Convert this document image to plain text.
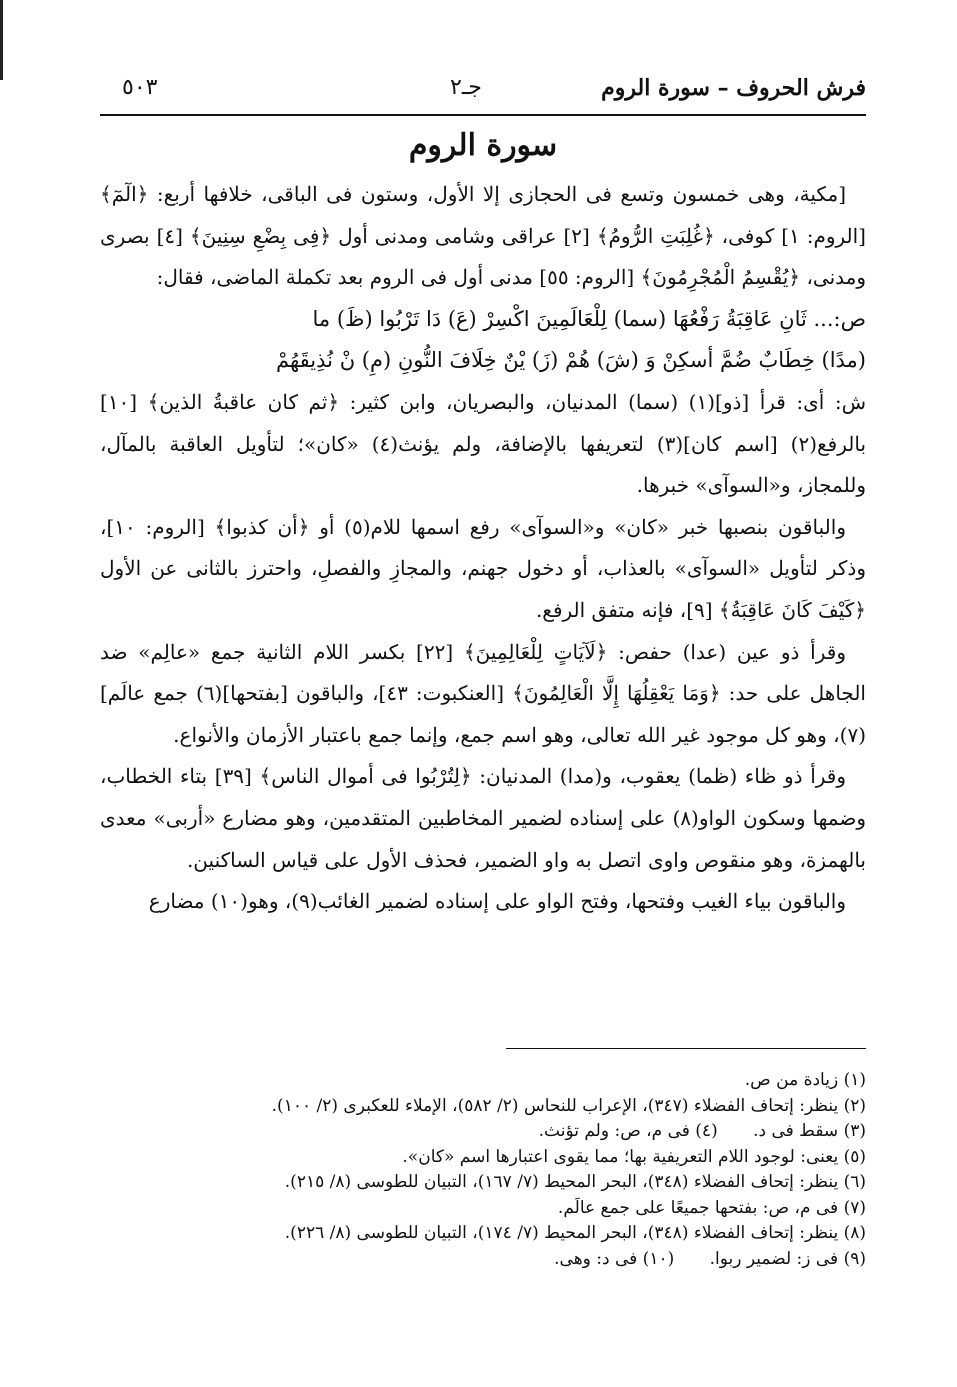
فرش الحروف – سورة الروم
جـ٢
٥٠٣
سورة الروم

[مكية، وهى خمسون وتسع فى الحجازى إلا الأول، وستون فى الباقى، خلافها أربع: ﴿الٓمٓ﴾ [الروم: ١] كوفى، ﴿غُلِبَتِ الرُّومُ﴾ [٢] عراقى وشامى ومدنى أول ﴿فِى بِضْعِ سِنِينَ﴾ [٤] بصرى ومدنى، ﴿يُقْسِمُ الْمُجْرِمُونَ﴾ [الروم: ٥٥] مدنى أول فى الروم بعد تكملة الماضى، فقال:

ص:... ثَانِ عَاقِبَةُ رَفْعُهَا (سما) لِلْعَالَمِينَ اكْسِرْ (عَ) دَا تَرْبُوا (ظَ) ما

(مدًا) خِطَابٌ ضُمَّ أسكِنْ وَ (شَ) هُمْ (زَ) يْنٌ خِلَافَ النُّونِ (مِ) نْ نُذِيقَهُمْ

ش: أى: قرأ [ذو](١) (سما) المدنيان، والبصريان، وابن كثير: ﴿ثم كان عاقبةُ الذين﴾ [١٠] بالرفع(٢) [اسم كان](٣) لتعريفها بالإضافة، ولم يؤنث(٤) «كان»؛ لتأويل العاقبة بالمآل، وللمجاز، و«السوآى» خبرها.

والباقون بنصبها خبر «كان» و«السوآى» رفع اسمها للام(٥) أو ﴿أن كذبوا﴾ [الروم: ١٠]، وذكر لتأويل «السوآى» بالعذاب، أو دخول جهنم، والمجازِ والفصلِ، واحترز بالثانى عن الأول ﴿كَيْفَ كَانَ عَاقِبَةُ﴾ [٩]، فإنه متفق الرفع.

وقرأ ذو عين (عدا) حفص: ﴿لَآيَاتٍ لِلْعَالِمِينَ﴾ [٢٢] بكسر اللام الثانية جمع «عالِم» ضد الجاهل على حد: ﴿وَمَا يَعْقِلُهَا إِلَّا الْعَالِمُونَ﴾ [العنكبوت: ٤٣]، والباقون [بفتحها](٦) جمع عالَم](٧)، وهو كل موجود غير الله تعالى، وهو اسم جمع، وإنما جمع باعتبار الأزمان والأنواع.

وقرأ ذو ظاء (ظما) يعقوب، و(مدا) المدنيان: ﴿لِتُرْبُوا فى أموال الناس﴾ [٣٩] بتاء الخطاب، وضمها وسكون الواو(٨) على إسناده لضمير المخاطبين المتقدمين، وهو مضارع «أربى» معدى بالهمزة، وهو منقوص واوى اتصل به واو الضمير، فحذف الأول على قياس الساكنين.

والباقون بياء الغيب وفتحها، وفتح الواو على إسناده لضمير الغائب(٩)، وهو(١٠) مضارع

(١) زيادة من ص.
(٢) ينظر: إتحاف الفضلاء (٣٤٧)، الإعراب للنحاس (٢/ ٥٨٢)، الإملاء للعكبرى (٢/ ١٠٠).
(٣) سقط فى د. (٤) فى م، ص: ولم تؤنث.
(٥) يعنى: لوجود اللام التعريفية بها؛ مما يقوى اعتبارها اسم «كان».
(٦) ينظر: إتحاف الفضلاء (٣٤٨)، البحر المحيط (٧/ ١٦٧)، التبيان للطوسى (٨/ ٢١٥).
(٧) فى م، ص: بفتحها جميعًا على جمع عالَم.
(٨) ينظر: إتحاف الفضلاء (٣٤٨)، البحر المحيط (٧/ ١٧٤)، التبيان للطوسى (٨/ ٢٢٦).
(٩) فى ز: لضمير ربوا. (١٠) فى د: وهى.
